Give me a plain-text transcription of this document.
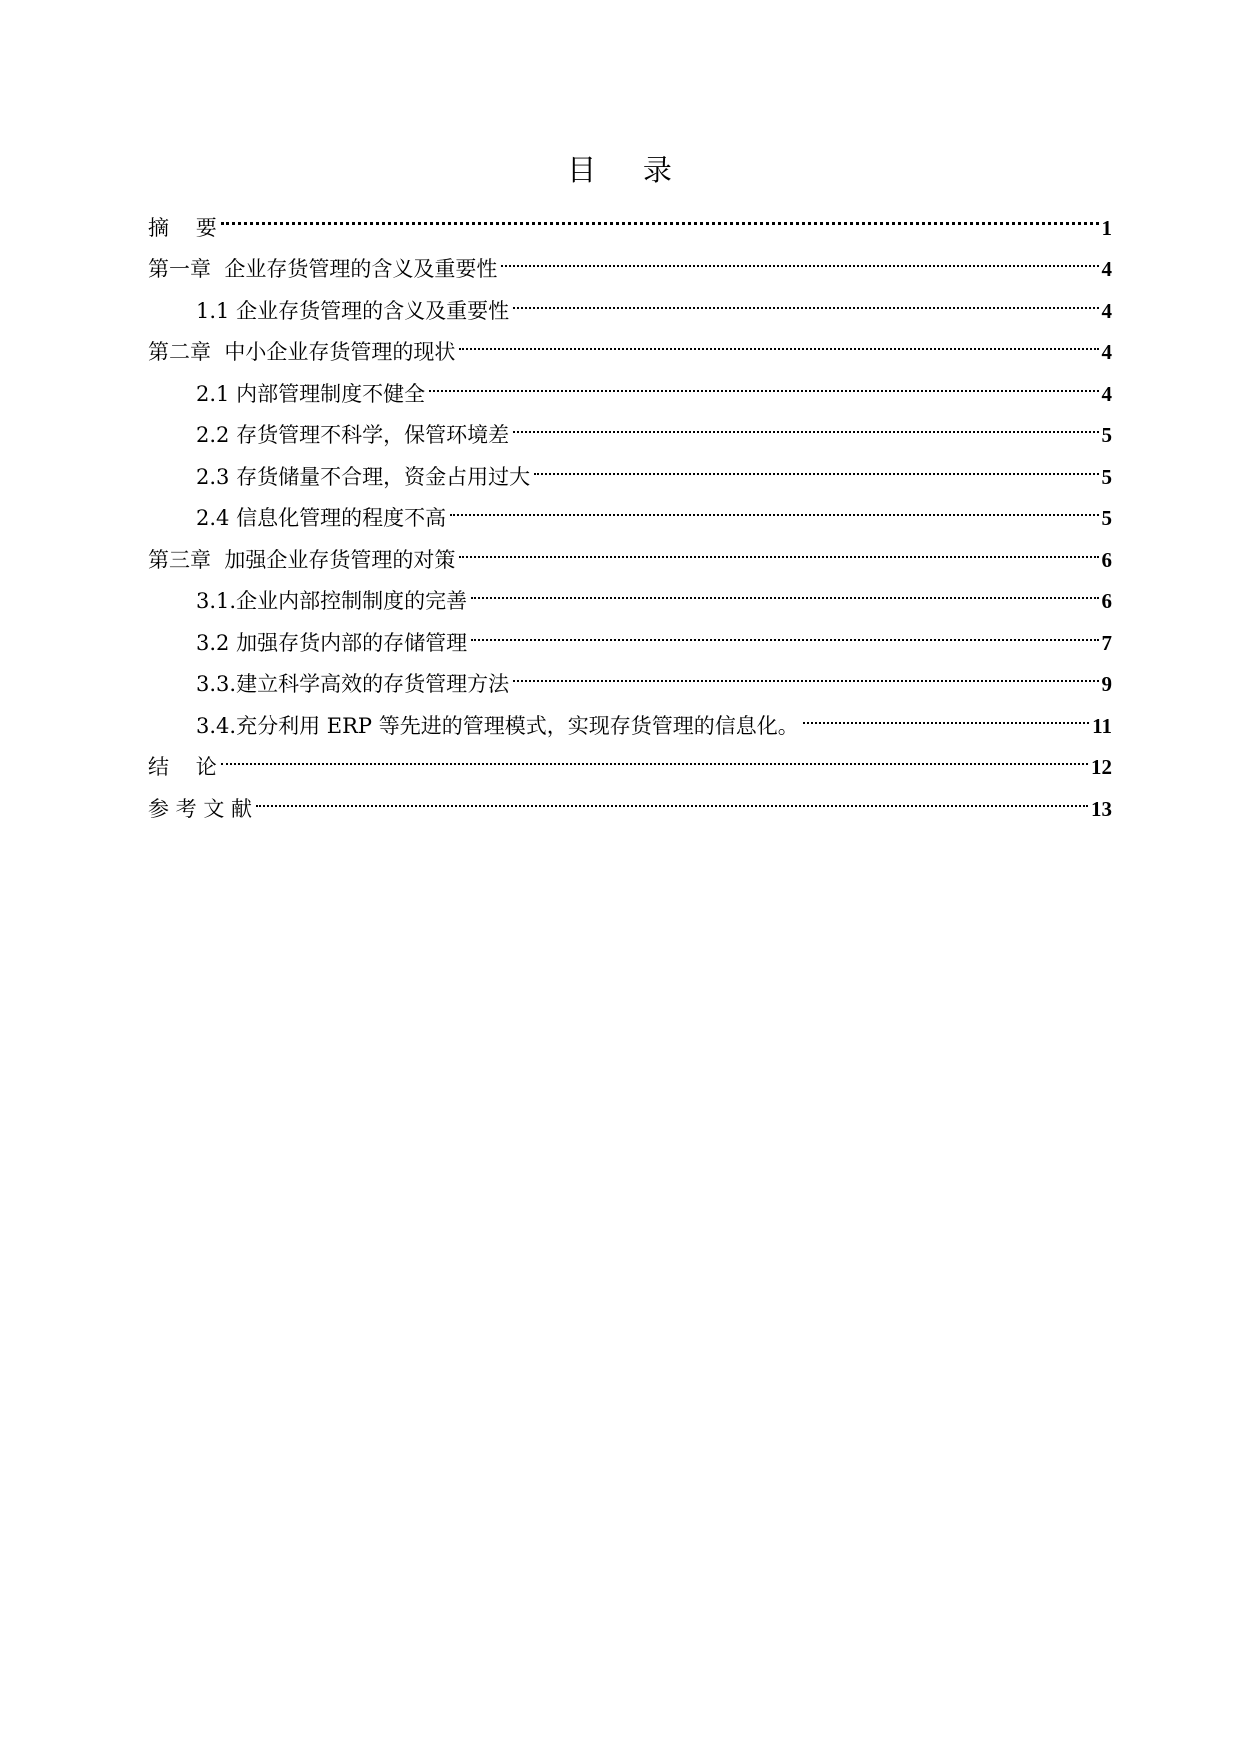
目    录
摘    要	1
第一章  企业存货管理的含义及重要性	4
1.1 企业存货管理的含义及重要性	4
第二章  中小企业存货管理的现状	4
2.1 内部管理制度不健全	4
2.2 存货管理不科学，保管环境差	5
2.3 存货储量不合理，资金占用过大	5
2.4 信息化管理的程度不高	5
第三章  加强企业存货管理的对策	6
3.1.企业内部控制制度的完善	6
3.2 加强存货内部的存储管理	7
3.3.建立科学高效的存货管理方法	9
3.4.充分利用 ERP 等先进的管理模式，实现存货管理的信息化。	11
结    论	12
参 考 文 献	13
